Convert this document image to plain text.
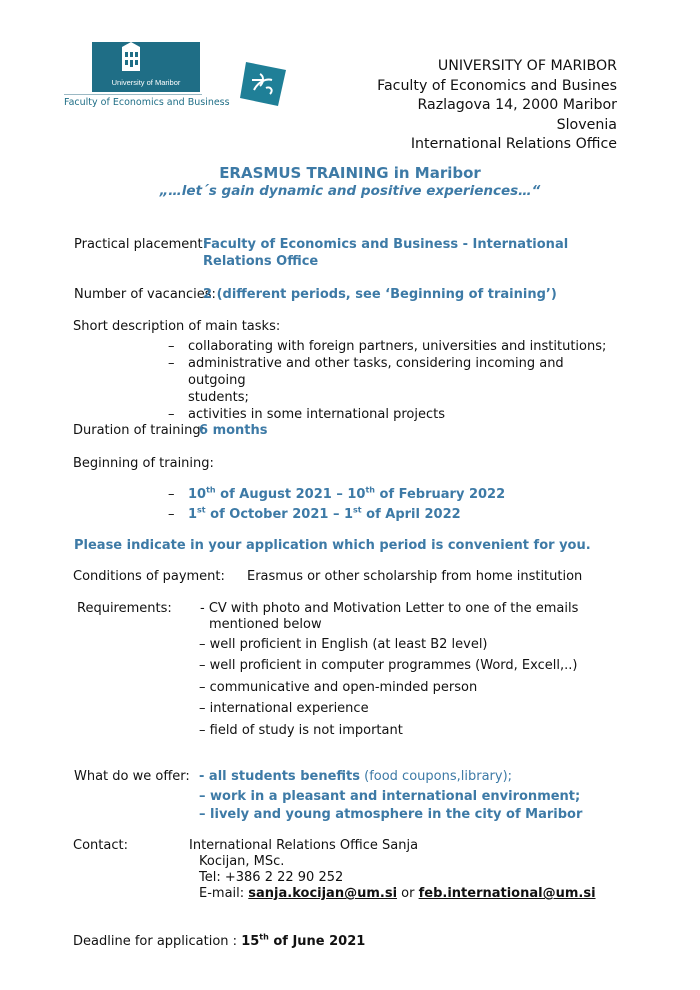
University of Maribor
Faculty of Economics and Business
UNIVERSITY OF MARIBOR
Faculty of Economics and Busines
Razlagova 14, 2000 Maribor
Slovenia
International Relations Office
ERASMUS TRAINING in Maribor
„…let´s gain dynamic and positive experiences…“
Practical placement:
Faculty of Economics and Business - International
Relations Office
Number of vacancies:
2 (different periods, see ‘Beginning of training’)
Short description of main tasks:
– collaborating with foreign partners, universities and institutions;
– administrative and other tasks, considering incoming and outgoing
students;
– activities in some international projects
Duration of training:
6 months
Beginning of training:
– 10th of August 2021 – 10th of February 2022
– 1st of October 2021 – 1st of April 2022
Please indicate in your application which period is convenient for you.
Conditions of payment: Erasmus or other scholarship from home institution
Requirements: - CV with photo and Motivation Letter to one of the emails
mentioned below
– well proficient in English (at least B2 level)
– well proficient in computer programmes (Word, Excell,..)
– communicative and open-minded person
– international experience
– field of study is not important
What do we offer: - all students benefits (food coupons,library);
– work in a pleasant and international environment;
– lively and young atmosphere in the city of Maribor
Contact:	International Relations Office Sanja
Kocijan, MSc.
Tel: +386 2 22 90 252
E-mail: sanja.kocijan@um.si or feb.international@um.si
Deadline for application : 15th of June 2021
